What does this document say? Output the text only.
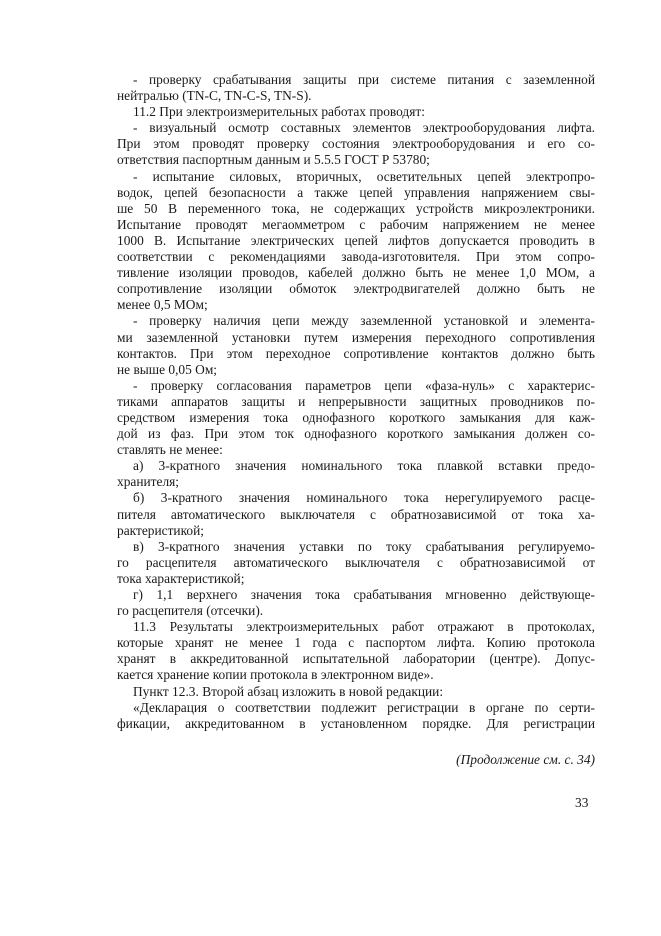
- проверку срабатывания защиты при системе питания с заземленной
нейтралью (TN-C, TN-C-S, TN-S).
11.2 При электроизмерительных работах проводят:
- визуальный осмотр составных элементов электрооборудования лифта.
При этом проводят проверку состояния электрооборудования и его со-
ответствия паспортным данным и 5.5.5 ГОСТ Р 53780;
- испытание силовых, вторичных, осветительных цепей электропро-
водок, цепей безопасности а также цепей управления напряжением свы-
ше 50 В переменного тока, не содержащих устройств микроэлектроники.
Испытание проводят мегаомметром с рабочим напряжением не менее
1000 В. Испытание электрических цепей лифтов допускается проводить в
соответствии с рекомендациями завода-изготовителя. При этом сопро-
тивление изоляции проводов, кабелей должно быть не менее 1,0 МОм, а
сопротивление изоляции обмоток электродвигателей должно быть не
менее 0,5 МОм;
- проверку наличия цепи между заземленной установкой и элемента-
ми заземленной установки путем измерения переходного сопротивления
контактов. При этом переходное сопротивление контактов должно быть
не выше 0,05 Ом;
- проверку согласования параметров цепи «фаза-нуль» с характерис-
тиками аппаратов защиты и непрерывности защитных проводников по-
средством измерения тока однофазного короткого замыкания для каж-
дой из фаз. При этом ток однофазного короткого замыкания должен со-
ставлять не менее:
а) 3-кратного значения номинального тока плавкой вставки предо-
хранителя;
б) 3-кратного значения номинального тока нерегулируемого расце-
пителя автоматического выключателя с обратнозависимой от тока ха-
рактеристикой;
в) 3-кратного значения уставки по току срабатывания регулируемо-
го расцепителя автоматического выключателя с обратнозависимой от
тока характеристикой;
г) 1,1 верхнего значения тока срабатывания мгновенно действующе-
го расцепителя (отсечки).
11.3 Результаты электроизмерительных работ отражают в протоколах,
которые хранят не менее 1 года с паспортом лифта. Копию протокола
хранят в аккредитованной испытательной лаборатории (центре). Допус-
кается хранение копии протокола в электронном виде».
Пункт 12.3. Второй абзац изложить в новой редакции:
«Декларация о соответствии подлежит регистрации в органе по серти-
фикации, аккредитованном в установленном порядке. Для регистрации
(Продолжение см. с. 34)
33
